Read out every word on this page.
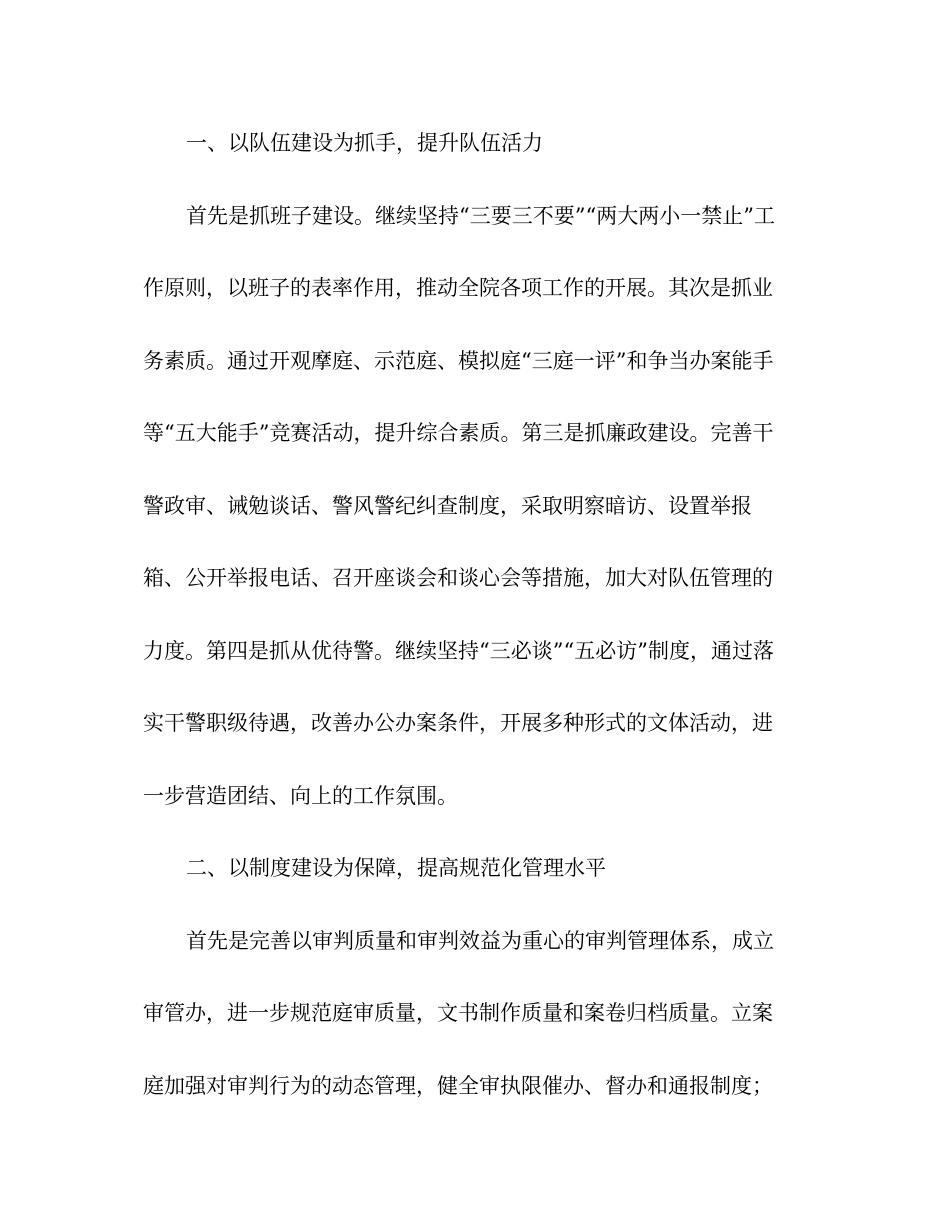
一、以队伍建设为抓手，提升队伍活力
首先是抓班子建设。继续坚持“三要三不要”“两大两小一禁止”工
作原则，以班子的表率作用，推动全院各项工作的开展。其次是抓业
务素质。通过开观摩庭、示范庭、模拟庭“三庭一评”和争当办案能手
等“五大能手”竞赛活动，提升综合素质。第三是抓廉政建设。完善干
警政审、诫勉谈话、警风警纪纠查制度，采取明察暗访、设置举报
箱、公开举报电话、召开座谈会和谈心会等措施，加大对队伍管理的
力度。第四是抓从优待警。继续坚持“三必谈”“五必访”制度，通过落
实干警职级待遇，改善办公办案条件，开展多种形式的文体活动，进
一步营造团结、向上的工作氛围。
二、以制度建设为保障，提高规范化管理水平
首先是完善以审判质量和审判效益为重心的审判管理体系，成立
审管办，进一步规范庭审质量，文书制作质量和案卷归档质量。立案
庭加强对审判行为的动态管理，健全审执限催办、督办和通报制度；
